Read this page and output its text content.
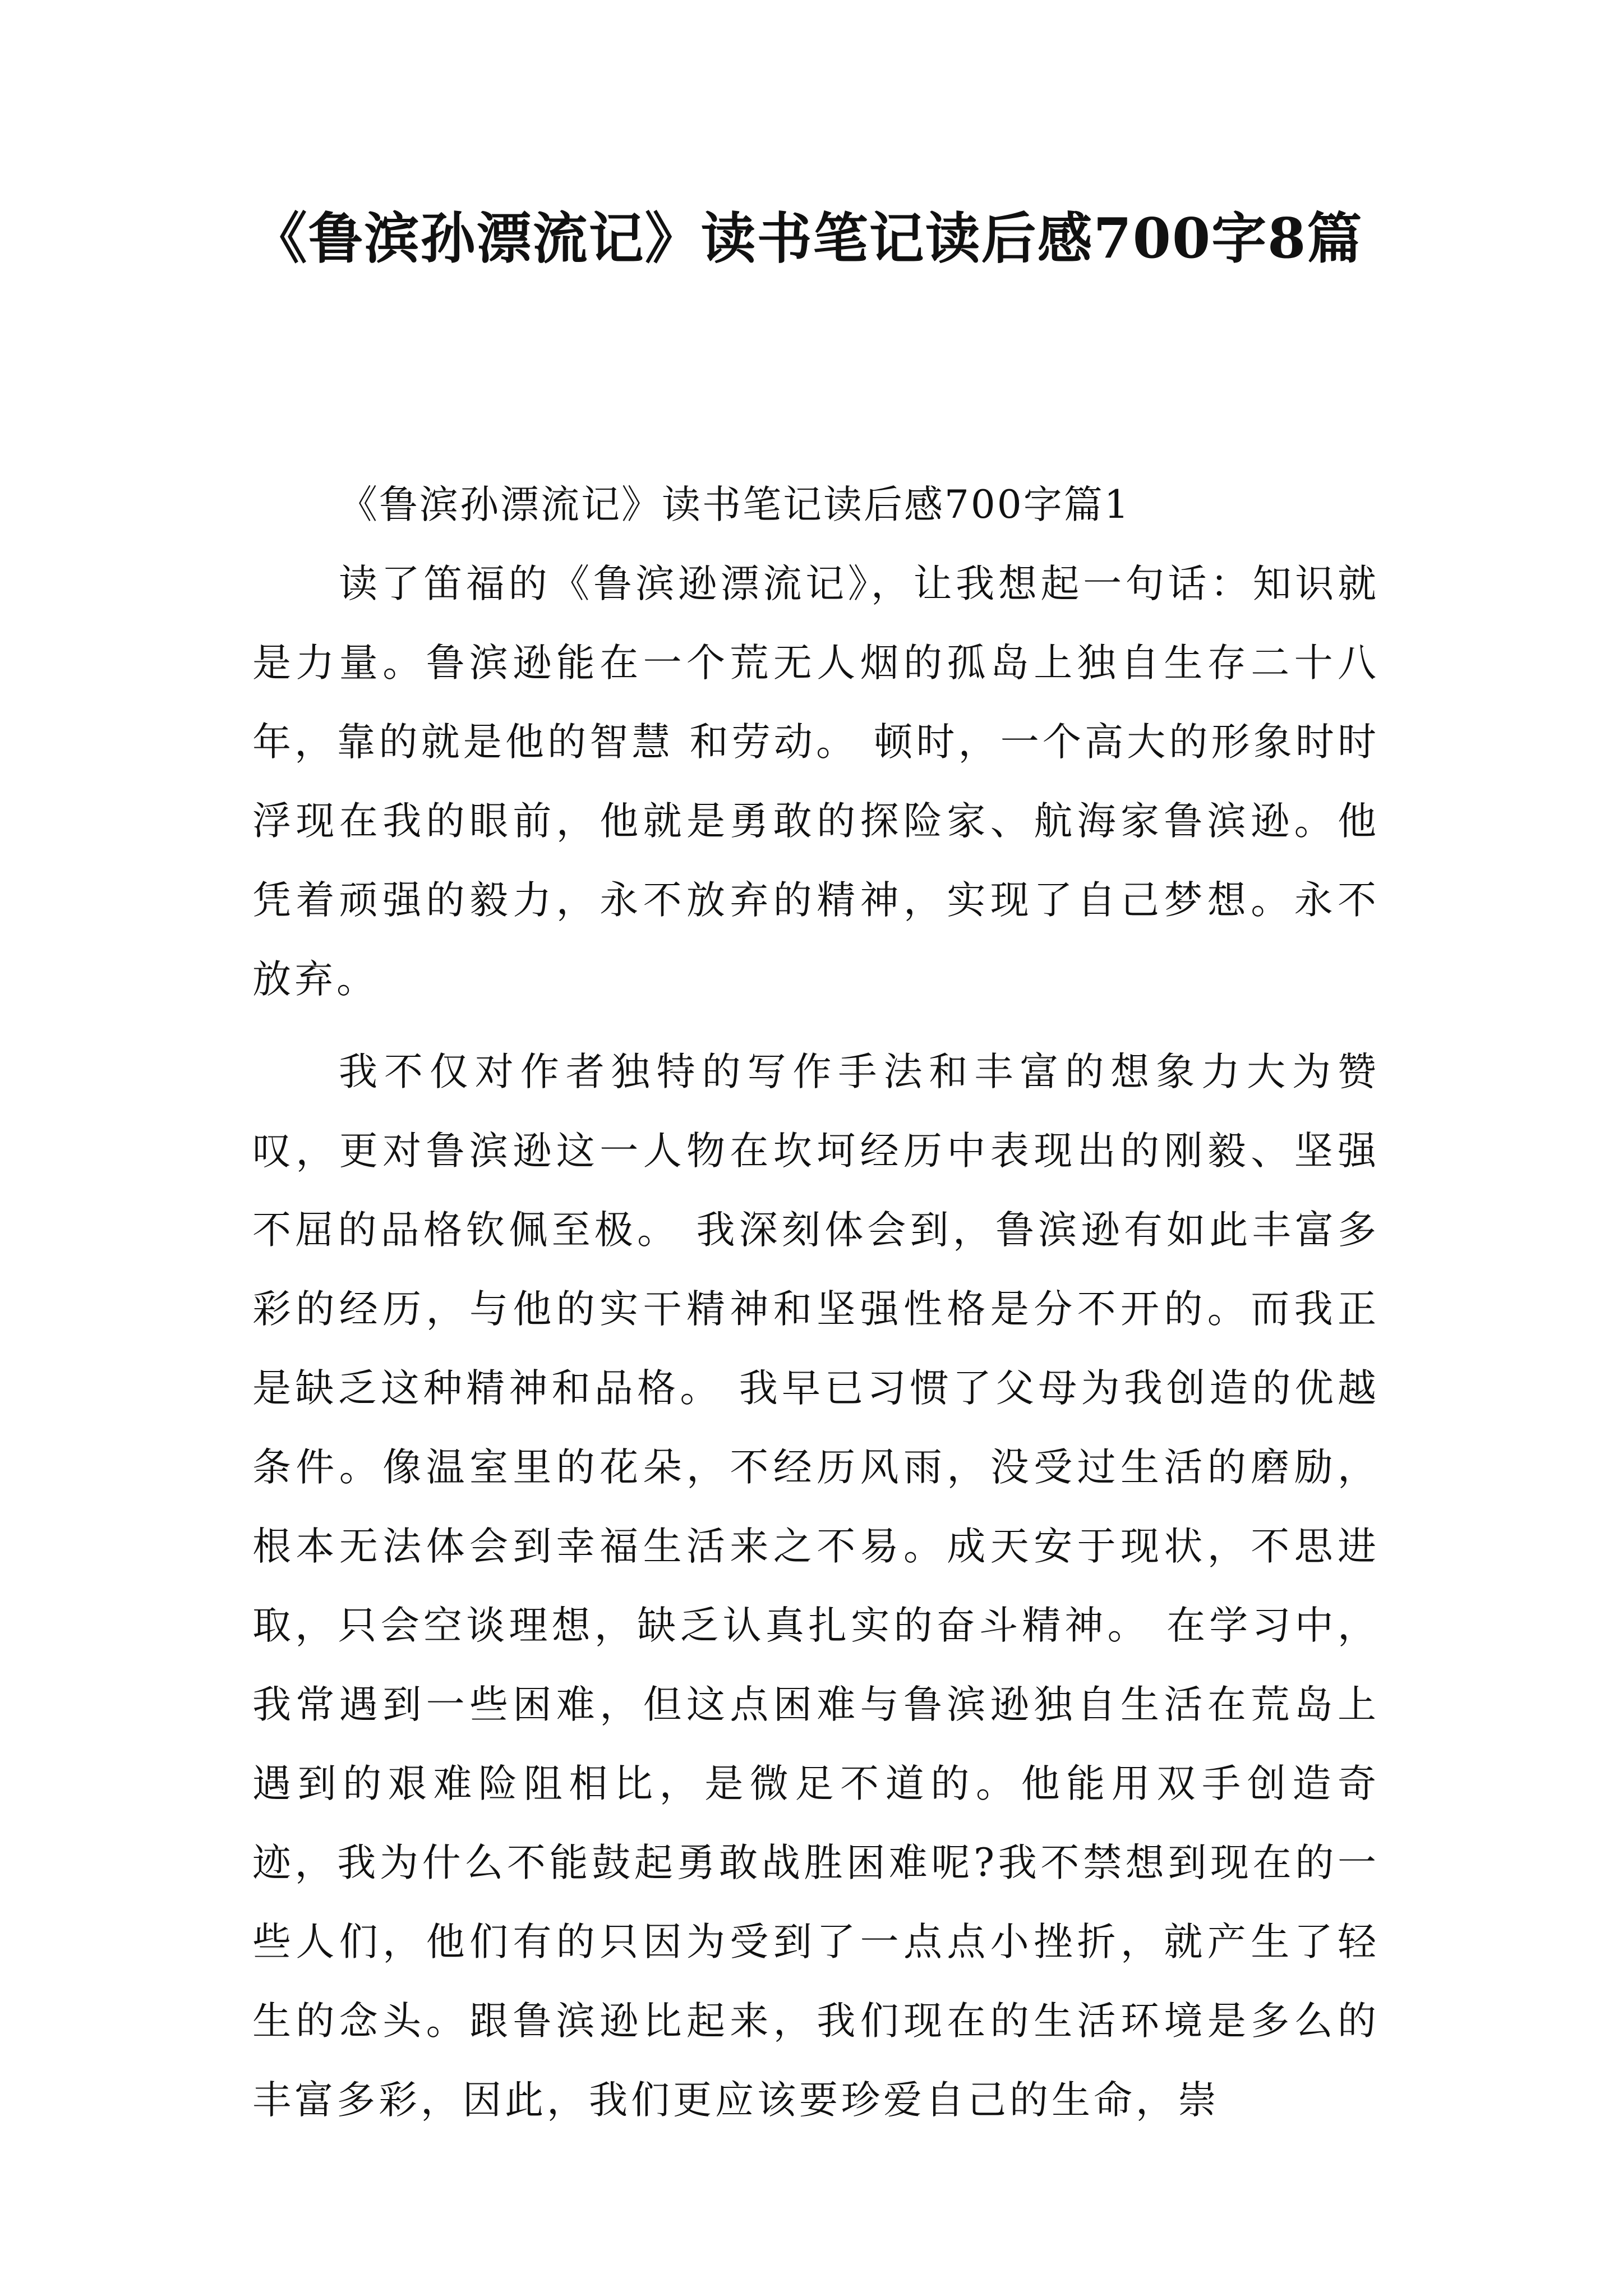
《鲁滨孙漂流记》读书笔记读后感700字8篇

《鲁滨孙漂流记》读书笔记读后感700字篇1

读了笛福的《鲁滨逊漂流记》，让我想起一句话：知识就是力量。鲁滨逊能在一个荒无人烟的孤岛上独自生存二十八年，靠的就是他的智慧 和劳动。 顿时，一个高大的形象时时浮现在我的眼前，他就是勇敢的探险家、航海家鲁滨逊。他凭着顽强的毅力，永不放弃的精神，实现了自己梦想。永不放弃。

我不仅对作者独特的写作手法和丰富的想象力大为赞叹，更对鲁滨逊这一人物在坎坷经历中表现出的刚毅、坚强不屈的品格钦佩至极。 我深刻体会到，鲁滨逊有如此丰富多彩的经历，与他的实干精神和坚强性格是分不开的。而我正是缺乏这种精神和品格。 我早已习惯了父母为我创造的优越条件。像温室里的花朵，不经历风雨，没受过生活的磨励，根本无法体会到幸福生活来之不易。成天安于现状，不思进取，只会空谈理想，缺乏认真扎实的奋斗精神。 在学习中，我常遇到一些困难，但这点困难与鲁滨逊独自生活在荒岛上遇到的艰难险阻相比，是微足不道的。他能用双手创造奇迹，我为什么不能鼓起勇敢战胜困难呢?我不禁想到现在的一些人们，他们有的只因为受到了一点点小挫折，就产生了轻生的念头。跟鲁滨逊比起来，我们现在的生活环境是多么的丰富多彩，因此，我们更应该要珍爱自己的生命，崇
